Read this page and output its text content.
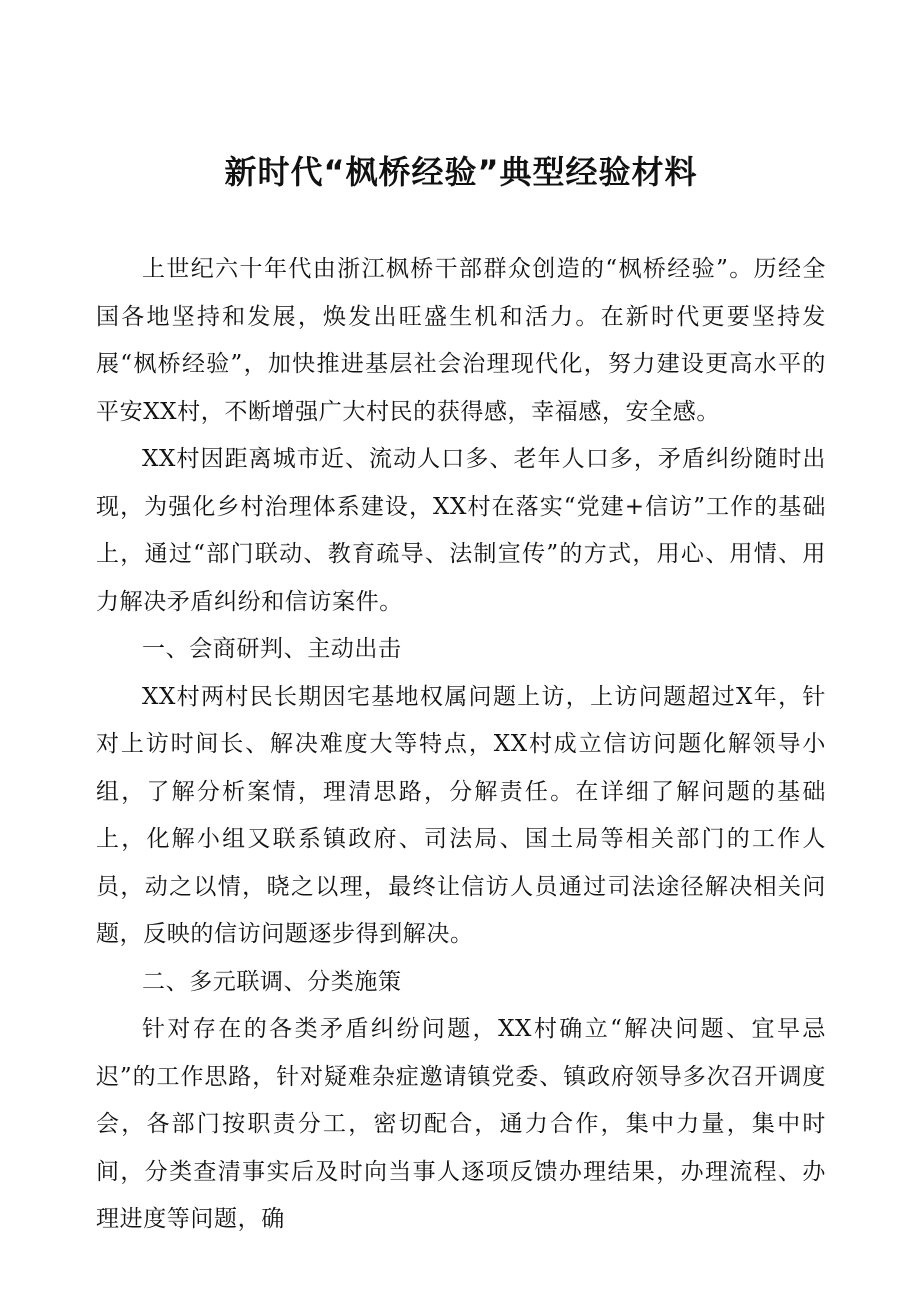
新时代“枫桥经验”典型经验材料

上世纪六十年代由浙江枫桥干部群众创造的“枫桥经验”。历经全国各地坚持和发展，焕发出旺盛生机和活力。在新时代更要坚持发展“枫桥经验”，加快推进基层社会治理现代化，努力建设更高水平的平安XX村，不断增强广大村民的获得感，幸福感，安全感。

XX村因距离城市近、流动人口多、老年人口多，矛盾纠纷随时出现，为强化乡村治理体系建设，XX村在落实“党建+信访”工作的基础上，通过“部门联动、教育疏导、法制宣传”的方式，用心、用情、用力解决矛盾纠纷和信访案件。

一、会商研判、主动出击

XX村两村民长期因宅基地权属问题上访，上访问题超过X年，针对上访时间长、解决难度大等特点，XX村成立信访问题化解领导小组，了解分析案情，理清思路，分解责任。在详细了解问题的基础上，化解小组又联系镇政府、司法局、国土局等相关部门的工作人员，动之以情，晓之以理，最终让信访人员通过司法途径解决相关问题，反映的信访问题逐步得到解决。

二、多元联调、分类施策

针对存在的各类矛盾纠纷问题，XX村确立“解决问题、宜早忌迟”的工作思路，针对疑难杂症邀请镇党委、镇政府领导多次召开调度会，各部门按职责分工，密切配合，通力合作，集中力量，集中时间，分类查清事实后及时向当事人逐项反馈办理结果，办理流程、办理进度等问题，确
